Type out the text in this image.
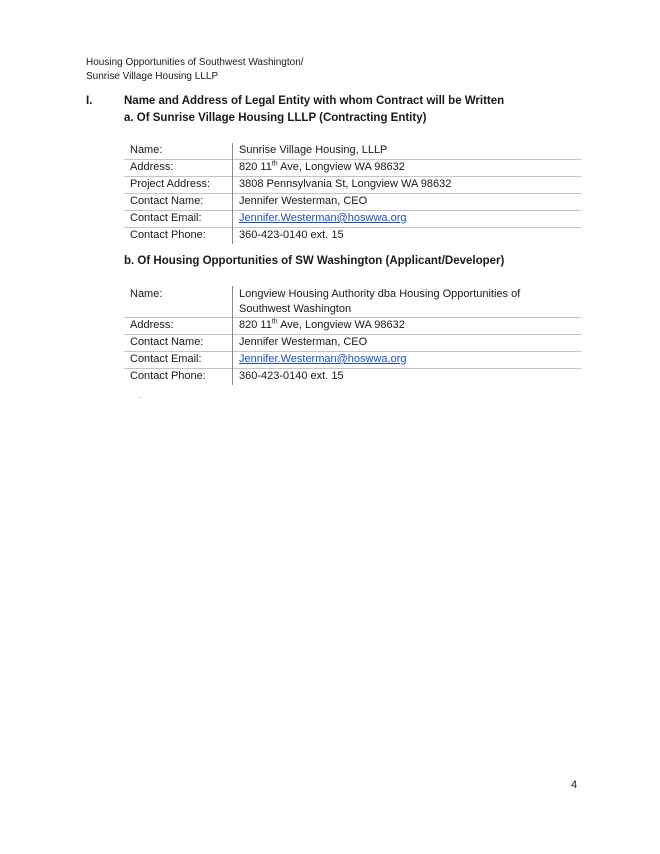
Housing Opportunities of Southwest Washington/
Sunrise Village Housing LLLP
I.	Name and Address of Legal Entity with whom Contract will be Written
a. Of Sunrise Village Housing LLLP (Contracting Entity)
Name:	Sunrise Village Housing, LLLP
Address:	820 11th Ave, Longview WA 98632
Project Address:	3808 Pennsylvania St, Longview WA 98632
Contact Name:	Jennifer Westerman, CEO
Contact Email:	Jennifer.Westerman@hoswwa.org
Contact Phone:	360-423-0140 ext. 15
b. Of Housing Opportunities of SW Washington (Applicant/Developer)
Name:	Longview Housing Authority dba Housing Opportunities of
Southwest Washington

Address:	820 11th Ave, Longview WA 98632
Contact Name:	Jennifer Westerman, CEO
Contact Email:	Jennifer.Westerman@hoswwa.org
Contact Phone:	360-423-0140 ext. 15
4
